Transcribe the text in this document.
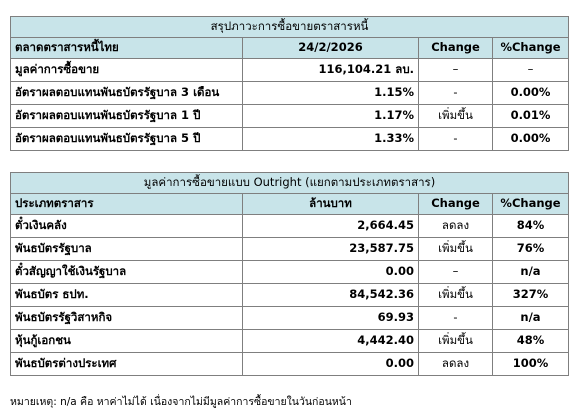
สรุปภาวะการซื้อขายตราสารหนี้			
ตลาดตราสารหนี้ไทย	24/2/2026	Change	%Change
มูลค่าการซื้อขาย	116,104.21 ลบ.	–	–
อัตราผลตอบแทนพันธบัตรรัฐบาล 3 เดือน	1.15%	-	0.00%
อัตราผลตอบแทนพันธบัตรรัฐบาล 1 ปี	1.17%	เพิ่มขึ้น	0.01%
อัตราผลตอบแทนพันธบัตรรัฐบาล 5 ปี	1.33%	-	0.00%
มูลค่าการซื้อขายแบบ Outright (แยกตามประเภทตราสาร)			
ประเภทตราสาร	ล้านบาท	Change	%Change
ตั๋วเงินคลัง	2,664.45	ลดลง	84%
พันธบัตรรัฐบาล	23,587.75	เพิ่มขึ้น	76%
ตั๋วสัญญาใช้เงินรัฐบาล	0.00	–	n/a
พันธบัตร ธปท.	84,542.36	เพิ่มขึ้น	327%
พันธบัตรรัฐวิสาหกิจ	69.93	-	n/a
หุ้นกู้เอกชน	4,442.40	เพิ่มขึ้น	48%
พันธบัตรต่างประเทศ	0.00	ลดลง	100%
หมายเหตุ: n/a คือ หาค่าไม่ได้ เนื่องจากไม่มีมูลค่าการซื้อขายในวันก่อนหน้า
